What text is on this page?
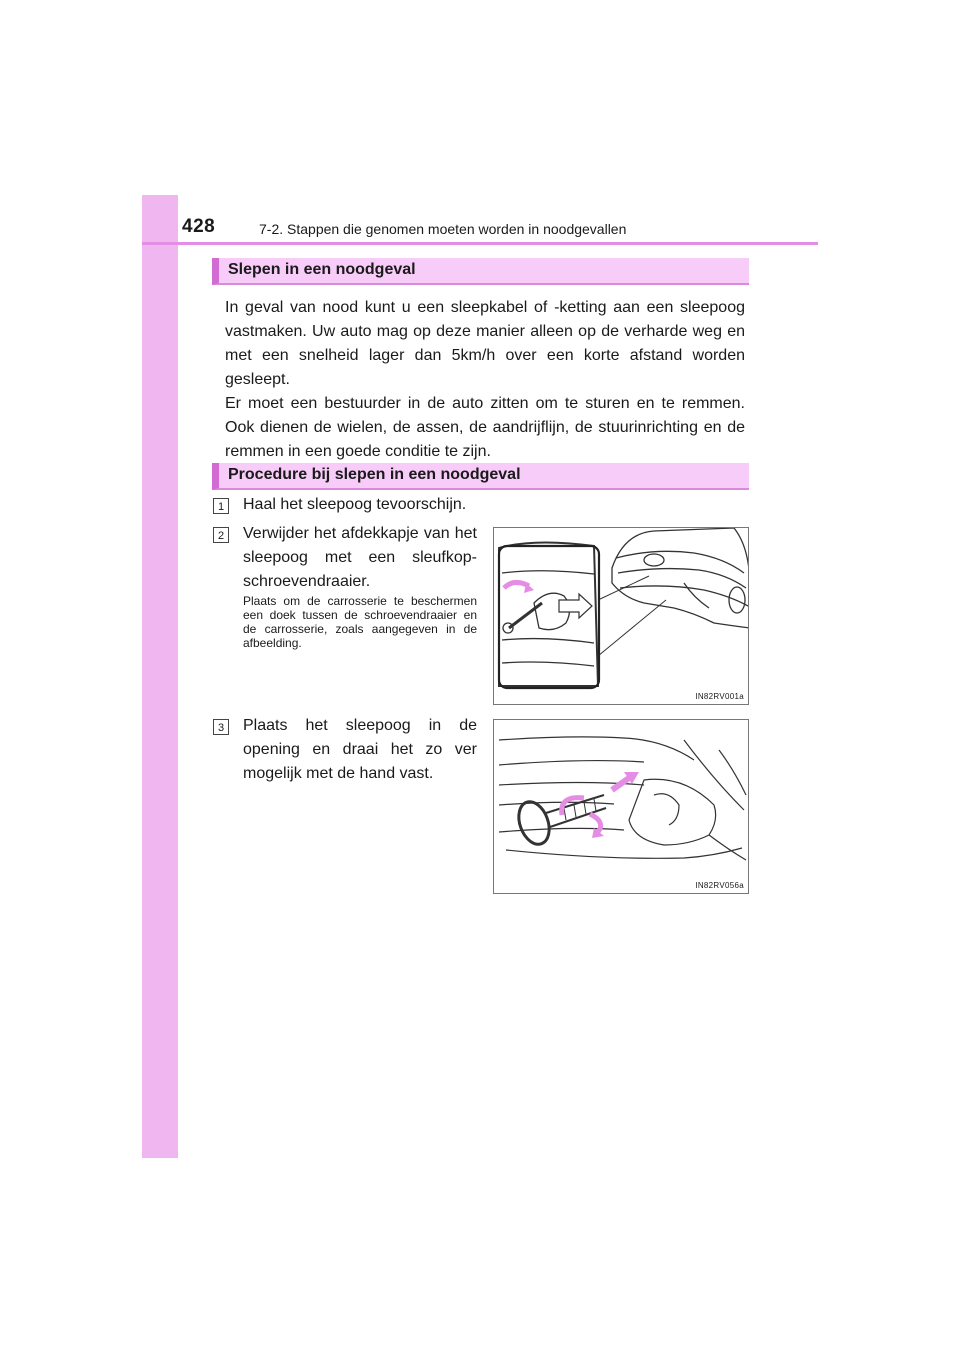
428	7-2. Stappen die genomen moeten worden in noodgevallen
Slepen in een noodgeval

In geval van nood kunt u een sleepkabel of -ketting aan een sleepoog vastmaken. Uw auto mag op deze manier alleen op de verharde weg en met een snelheid lager dan 5km/h over een korte afstand worden gesleept.

Er moet een bestuurder in de auto zitten om te sturen en te remmen. Ook dienen de wielen, de assen, de aandrijflijn, de stuurinrichting en de remmen in een goede conditie te zijn.

Procedure bij slepen in een noodgeval
1	Haal het sleepoog tevoorschijn.
2	Verwijder het afdekkapje van het sleepoog met een sleufkop-schroevendraaier.
Plaats om de carrosserie te beschermen een doek tussen de schroevendraaier en de carrosserie, zoals aangegeven in de afbeelding.
3	Plaats het sleepoog in de opening en draai het zo ver mogelijk met de hand vast.
IN82RV001a
IN82RV056a
